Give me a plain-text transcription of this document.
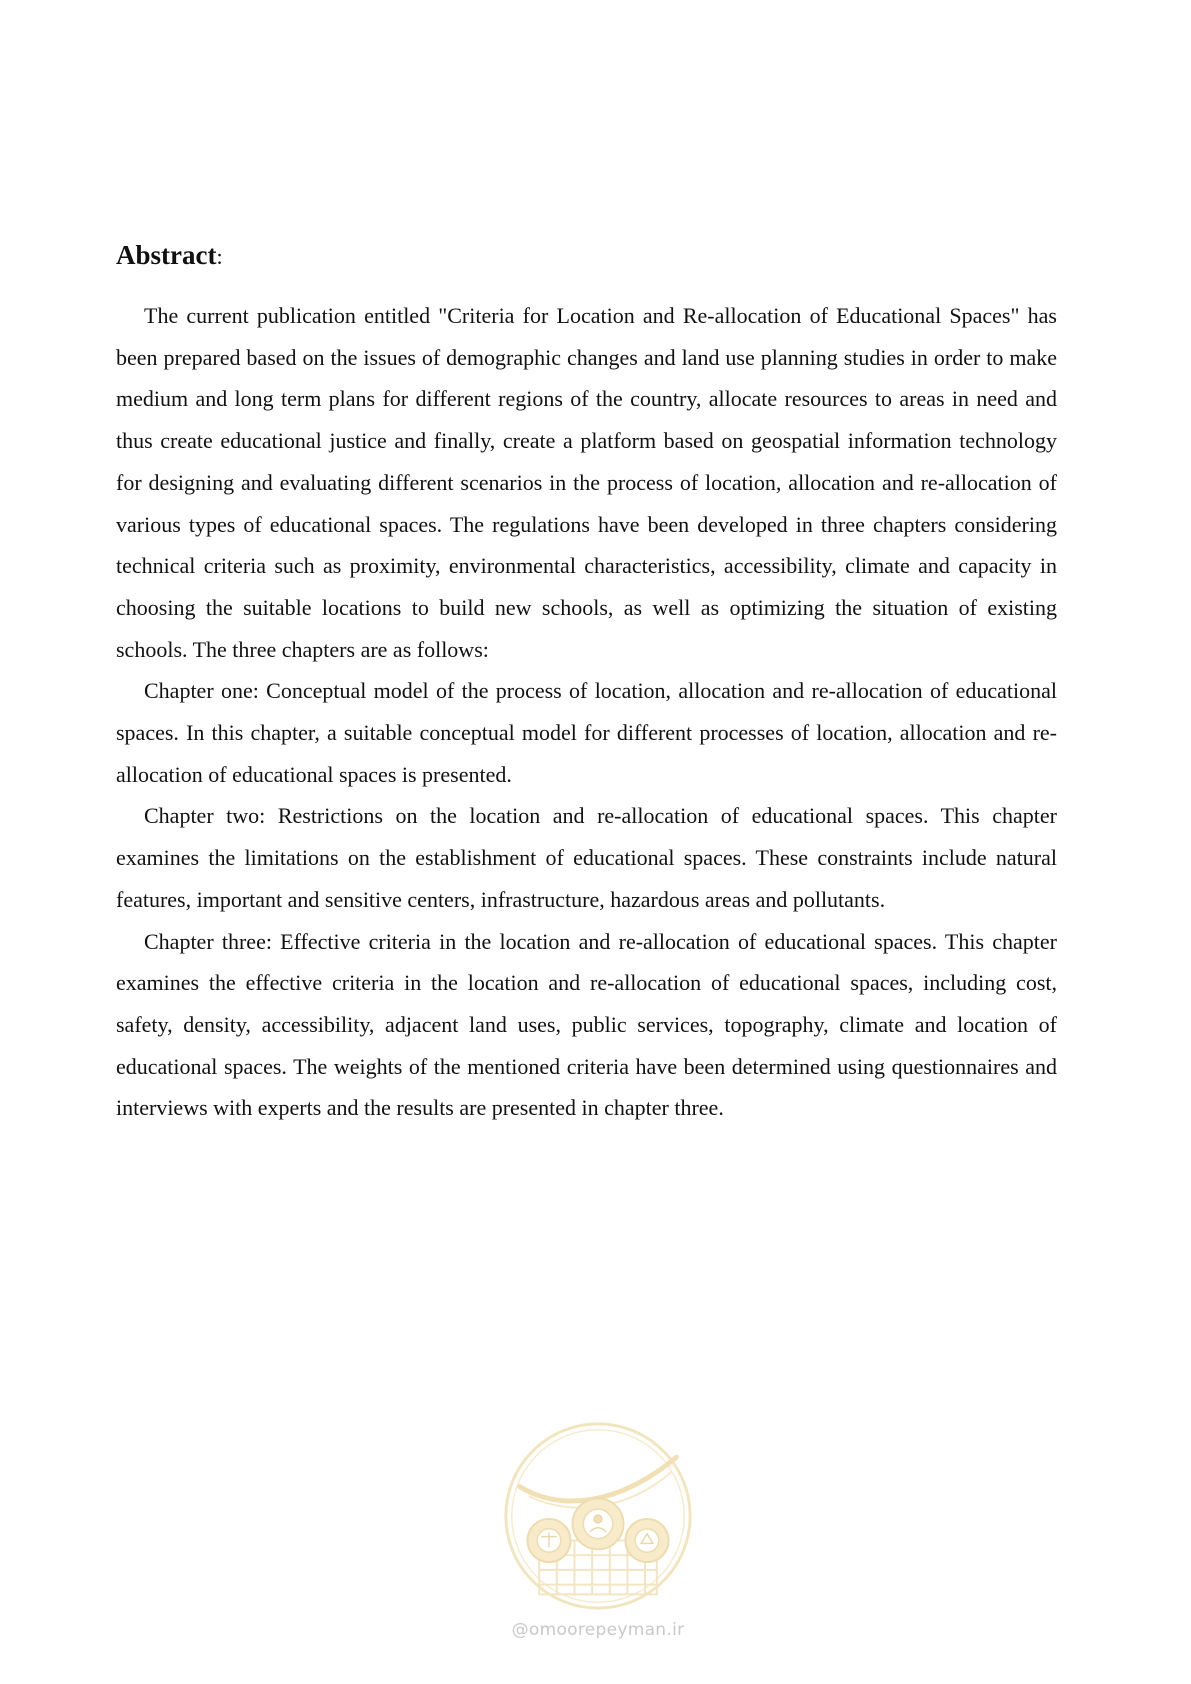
Abstract:

The current publication entitled "Criteria for Location and Re-allocation of Educational Spaces" has been prepared based on the issues of demographic changes and land use planning studies in order to make medium and long term plans for different regions of the country, allocate resources to areas in need and thus create educational justice and finally, create a platform based on geospatial information technology for designing and evaluating different scenarios in the process of location, allocation and re-allocation of various types of educational spaces. The regulations have been developed in three chapters considering technical criteria such as proximity, environmental characteristics, accessibility, climate and capacity in choosing the suitable locations to build new schools, as well as optimizing the situation of existing schools. The three chapters are as follows:

Chapter one: Conceptual model of the process of location, allocation and re-allocation of educational spaces. In this chapter, a suitable conceptual model for different processes of location, allocation and re-allocation of educational spaces is presented.

Chapter two: Restrictions on the location and re-allocation of educational spaces. This chapter examines the limitations on the establishment of educational spaces. These constraints include natural features, important and sensitive centers, infrastructure, hazardous areas and pollutants.

Chapter three: Effective criteria in the location and re-allocation of educational spaces. This chapter examines the effective criteria in the location and re-allocation of educational spaces, including cost, safety, density, accessibility, adjacent land uses, public services, topography, climate and location of educational spaces. The weights of the mentioned criteria have been determined using questionnaires and interviews with experts and the results are presented in chapter three.

@omoorepeyman.ir
